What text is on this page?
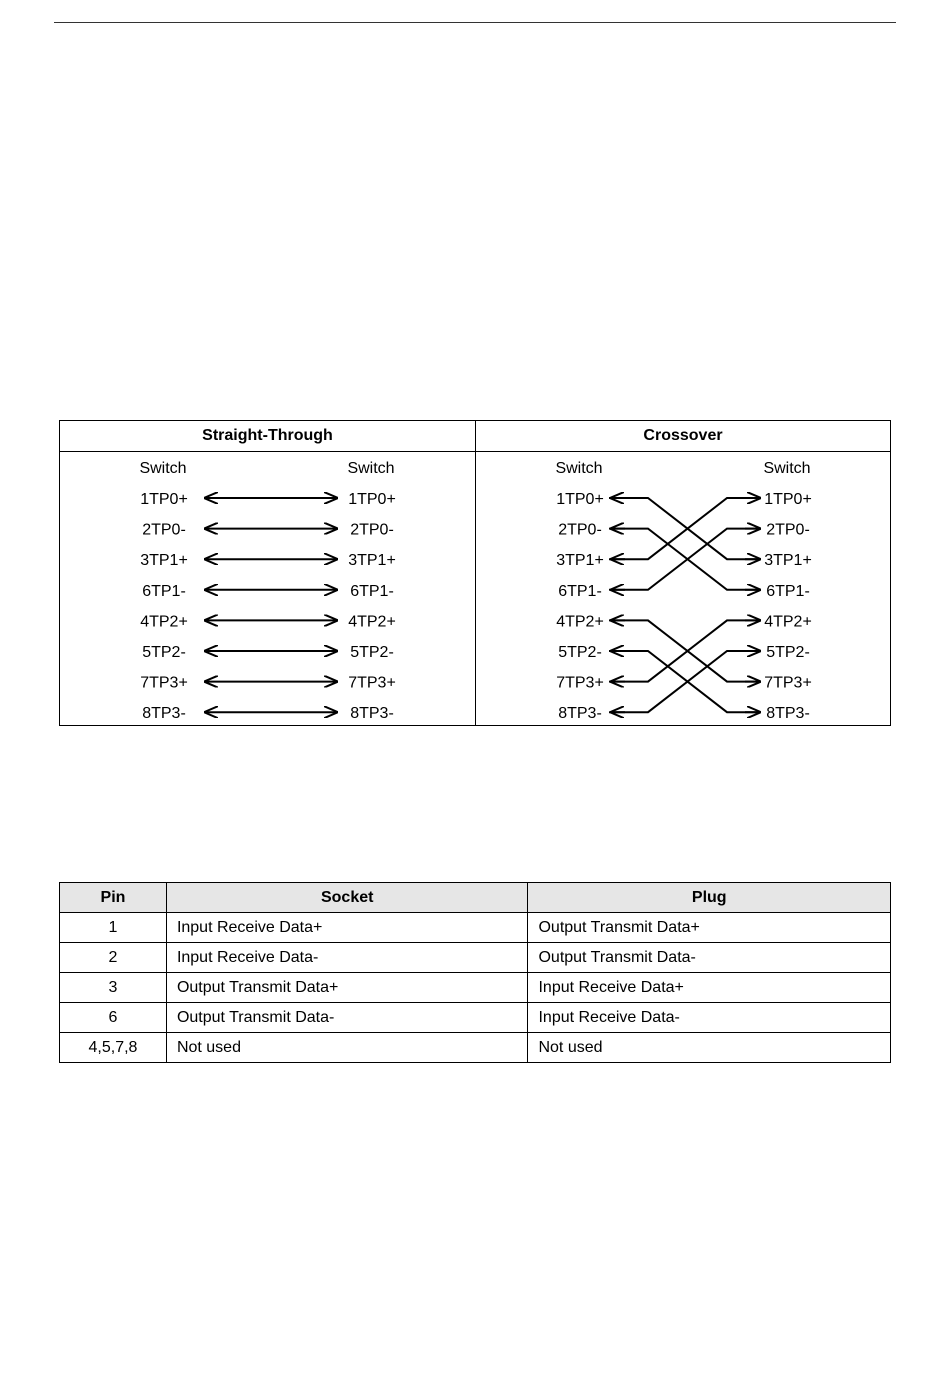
Straight-Through	Crossover
Switch	Switch	Switch	Switch
1TP0+	1TP0+
2TP0-	2TP0-
3TP1+	3TP1+
6TP1-	6TP1-
4TP2+	4TP2+
5TP2-	5TP2-
7TP3+	7TP3+
8TP3-	8TP3-
1TP0+	1TP0+
2TP0-	2TP0-
3TP1+	3TP1+
6TP1-	6TP1-
4TP2+	4TP2+
5TP2-	5TP2-
7TP3+	7TP3+
8TP3-	8TP3-
Pin	Socket	Plug
1	Input Receive Data+	Output Transmit Data+
2	Input Receive Data-	Output Transmit Data-
3	Output Transmit Data+	Input Receive Data+
6	Output Transmit Data-	Input Receive Data-
4,5,7,8	Not used	Not used
